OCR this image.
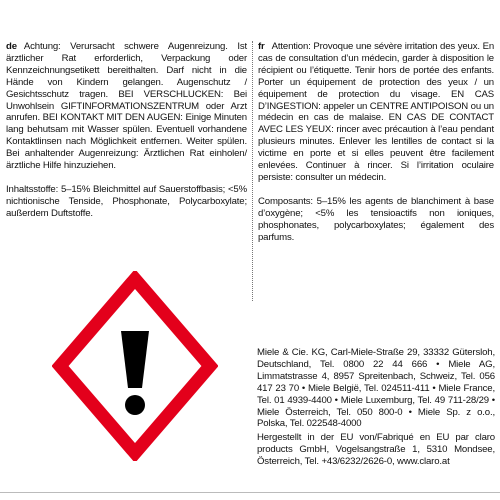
de Achtung: Verursacht schwere Augenreizung. Ist ärztlicher Rat erforderlich, Verpackung oder Kennzeichnungsetikett bereithalten. Darf nicht in die Hände von Kindern gelangen. Augenschutz / Gesichtsschutz tragen. BEI VERSCHLUCKEN: Bei Unwohlsein GIFTINFORMATIONSZENTRUM oder Arzt anrufen. BEI KONTAKT MIT DEN AUGEN: Einige Minuten lang behutsam mit Wasser spülen. Eventuell vorhandene Kontaktlinsen nach Möglichkeit entfernen. Weiter spülen. Bei anhaltender Augenreizung: Ärztlichen Rat einholen/ärztliche Hilfe hinzuziehen.

Inhaltsstoffe: 5–15% Bleichmittel auf Sauerstoffbasis; <5% nichtionische Tenside, Phosphonate, Polycarboxylate; außerdem Duftstoffe.

fr Attention: Provoque une sévère irritation des yeux. En cas de consultation d’un médecin, garder à disposition le récipient ou l’étiquette. Tenir hors de portée des enfants. Porter un équipement de protection des yeux / un équipement de protection du visage. EN CAS D’INGESTION: appeler un CENTRE ANTIPOISON ou un médecin en cas de malaise. EN CAS DE CONTACT AVEC LES YEUX: rincer avec précaution à l’eau pendant plusieurs minutes. Enlever les lentilles de contact si la victime en porte et si elles peuvent être facilement enlevées. Continuer à rincer. Si l’irritation oculaire persiste: consulter un médecin.

Composants: 5–15% les agents de blanchiment à base d’oxygène; <5% les tensioactifs non ioniques, phosphonates, polycarboxylates; également des parfums.

Miele & Cie. KG, Carl-Miele-Straße 29, 33332 Gütersloh, Deutschland, Tel. 0800 22 44 666 • Miele AG, Limmatstrasse 4, 8957 Spreitenbach, Schweiz, Tel. 056 417 23 70 • Miele België, Tel. 024511-411 • Miele France, Tel. 01 4939-4400 • Miele Luxemburg, Tel. 49 711-28/29 • Miele Österreich, Tel. 050 800-0 • Miele Sp. z o.o., Polska, Tel. 022548-4000

Hergestellt in der EU von/Fabriqué en EU par claro products GmbH, Vogelsangstraße 1, 5310 Mondsee, Österreich, Tel. +43/6232/2626-0, www.claro.at
